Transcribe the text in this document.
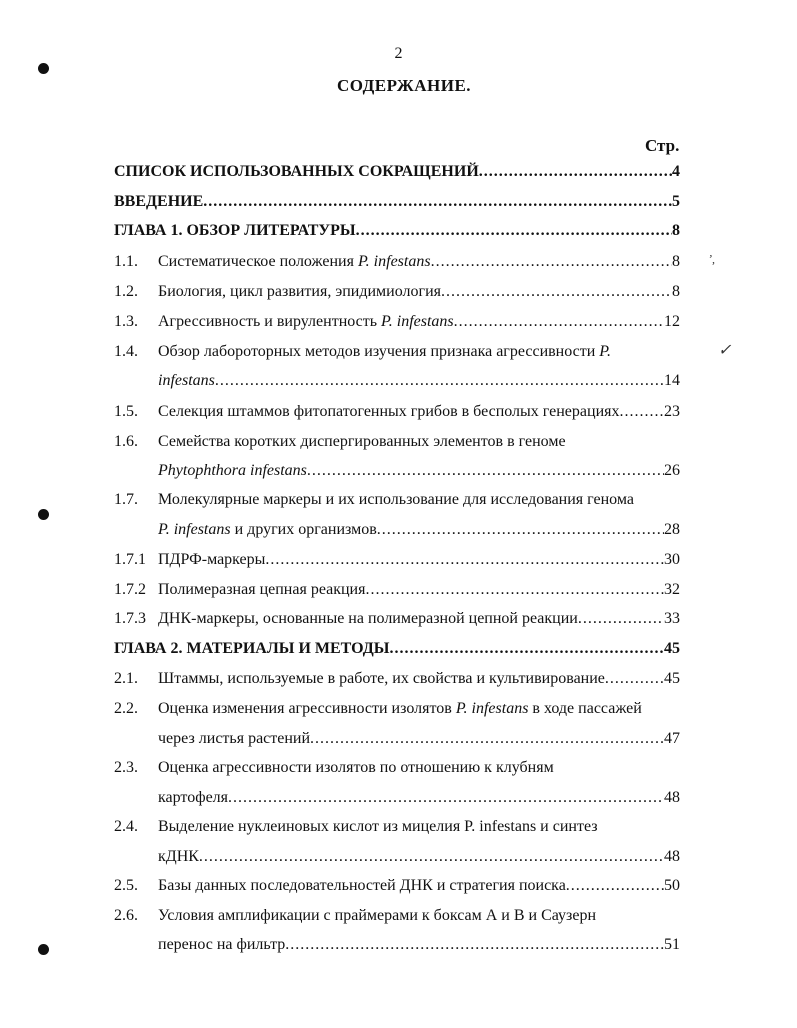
2
СОДЕРЖАНИЕ.
Стр.
✓
ʼ,
СПИСОК ИСПОЛЬЗОВАННЫХ СОКРАЩЕНИЙ .....	4
ВВЕДЕНИЕ .....	5
ГЛАВА 1. ОБЗОР ЛИТЕРАТУРЫ .....	8
1.1. Систематическое положения P. infestans .....	8
1.2. Биология, цикл развития, эпидимиология .....	8
1.3. Агрессивность и вирулентность P. infestans .....	12
1.4. Обзор лабороторных методов изучения признака агрессивности P.
infestans .....	14
1.5. Селекция штаммов фитопатогенных грибов в бесполых генерациях .....	23
1.6. Семейства коротких диспергированных элементов в геноме
Phytophthora infestans .....	26
1.7. Молекулярные маркеры и их использование для исследования генома
P. infestans и других организмов .....	28
1.7.1 ПДРФ-маркеры .....	30
1.7.2 Полимеразная цепная реакция .....	32
1.7.3 ДНК-маркеры, основанные на полимеразной цепной реакции .....	33
ГЛАВА 2. МАТЕРИАЛЫ И МЕТОДЫ .....	45
2.1. Штаммы, используемые в работе, их свойства и культивирование .....	45
2.2. Оценка изменения агрессивности изолятов P. infestans в ходе пассажей
через листья растений .....	47
2.3. Оценка агрессивности изолятов по отношению к клубням
картофеля .....	48
2.4. Выделение нуклеиновых кислот из мицелия P. infestans и синтез
кДНК .....	48
2.5. Базы данных последовательностей ДНК и стратегия поиска .....	50
2.6. Условия амплификации с праймерами к боксам А и В и Саузерн
перенос на фильтр .....	51
